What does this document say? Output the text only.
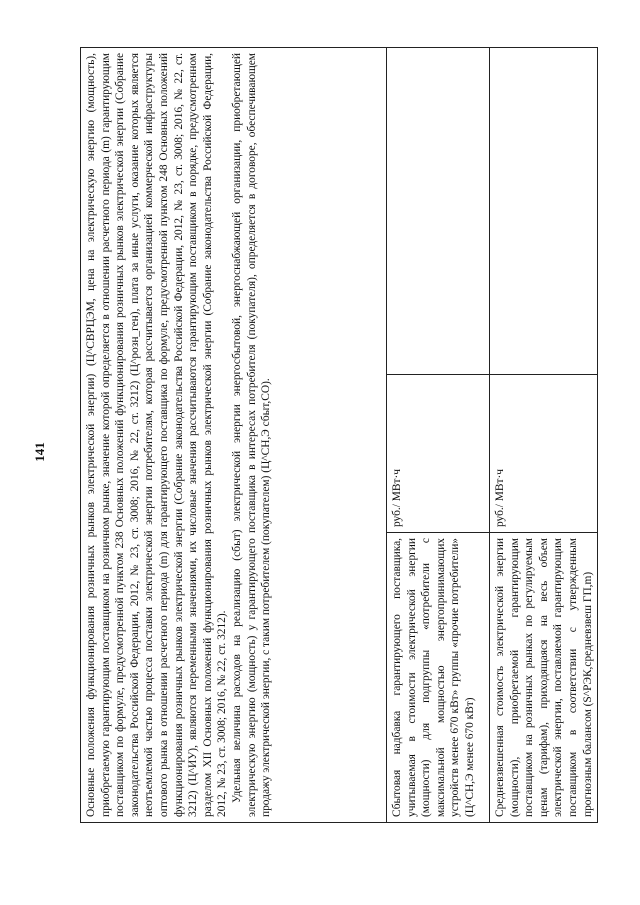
141	Основные положения функционирования розничных рынков электрической энергии) (Ц^СВРЦЭМ, цена на электрическую энергию (мощность), приобретаемую гарантирующим поставщиком на розничном рынке, значение которой определяется в отношении расчетного периода (m) гарантирующим поставщиком по формуле, предусмотренной пунктом 238 Основных положений функционирования розничных рынков электрической энергии (Собрание законодательства Российской Федерации, 2012, № 23, ст. 3008; 2016, № 22, ст. 3212) (Ц^розн_ген), плата за иные услуги, оказание которых является неотъемлемой частью процесса поставки электрической энергии потребителям, которая рассчитывается организацией коммерческой инфраструктуры оптового рынка в отношении расчетного периода (m) для гарантирующего поставщика по формуле, предусмотренной пунктом 248 Основных положений функционирования розничных рынков электрической энергии (Собрание законодательства Российской Федерации, 2012, № 23, ст. 3008; 2016, № 22, ст. 3212) (Ц^ИУ), являются переменными значениями, их числовые значения рассчитываются гарантирующим поставщиком в порядке, предусмотренном разделом XII Основных положений функционирования розничных рынков электрической энергии (Собрание законодательства Российской Федерации, 2012, № 23, ст. 3008; 2016, № 22, ст. 3212). Удельная величина расходов на реализацию (сбыт) электрической энергии энергосбытовой, энергоснабжающей организации, приобретающей электрическую энергию (мощность) у гарантирующего поставщика в интересах потребителя (покупателя), определяется в договоре, обеспечивающем продажу электрической энергии, с таким потребителем (покупателем) (Ц^СН,Э сбыт,СО).		

Сбытовая надбавка гарантирующего поставщика, учитываемая в стоимости электрической энергии (мощности) для подгруппы «потребители с максимальной мощностью энергопринимающих устройств менее 670 кВт» группы «прочие потребители» (Ц^СН,Э менее 670 кВт)	руб./ МВт·ч	
Средневзвешенная стоимость электрической энергии (мощности), приобретаемой гарантирующим поставщиком на розничных рынках по регулируемым ценам (тарифам), приходящаяся на весь объем электрической энергии, поставляемой гарантирующим поставщиком в соответствии с утвержденным прогнозным балансом (S^РЭК,средневзвеш ГП,m)	руб./ МВт·ч	
